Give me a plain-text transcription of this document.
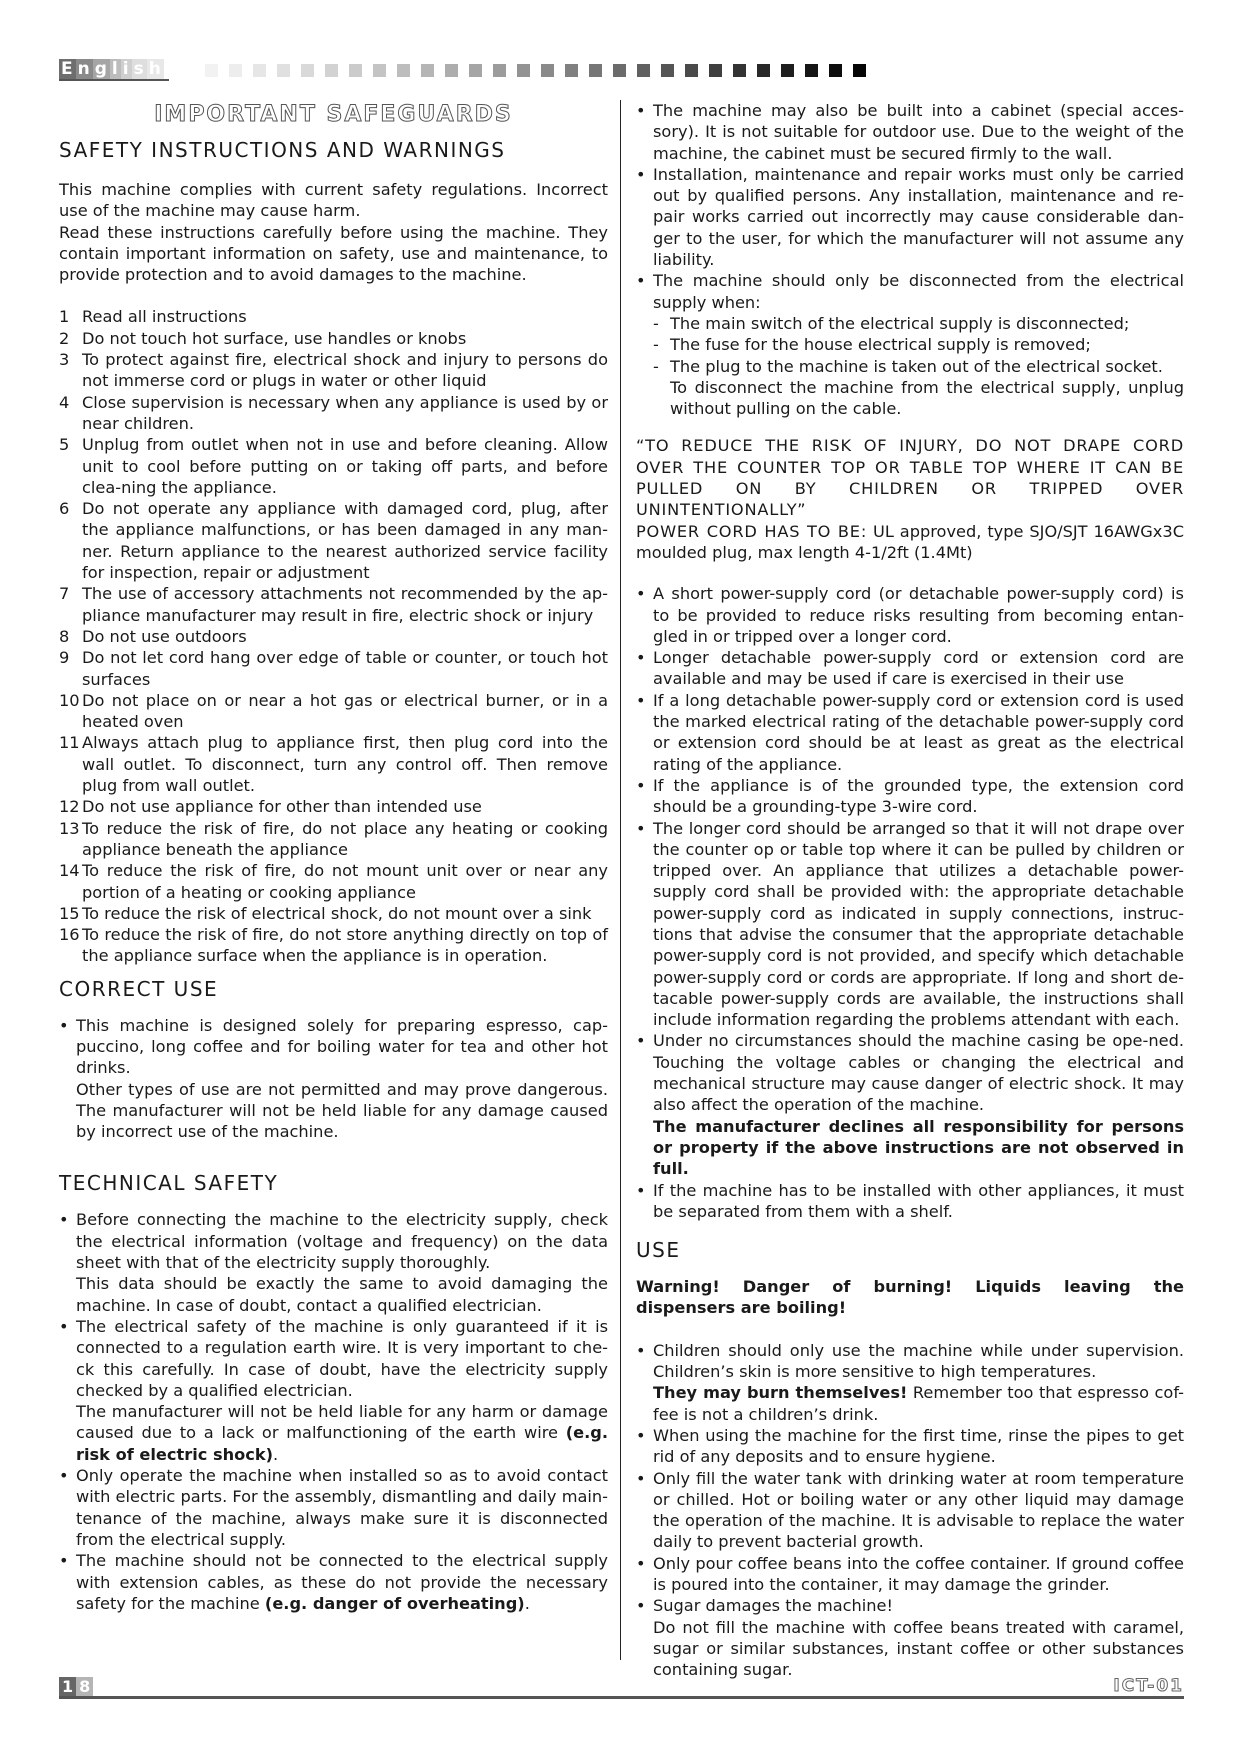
E n g l i s h
IMPORTANT SAFEGUARDS
SAFETY INSTRUCTIONS AND WARNINGS

This machine complies with current safety regulations. Incorrect use of the machine may cause harm.

Read these instructions carefully before using the machine. They contain important information on safety, use and maintenance, to provide protection and to avoid damages to the machine.

1 Read all instructions
2 Do not touch hot surface, use handles or knobs
3 To protect against fire, electrical shock and injury to persons do not immerse cord or plugs in water or other liquid
4 Close supervision is necessary when any appliance is used by or near children.
5 Unplug from outlet when not in use and before cleaning. Allow unit to cool before putting on or taking off parts, and before clea-ning the appliance.
6 Do not operate any appliance with damaged cord, plug, after the appliance malfunctions, or has been damaged in any man-ner. Return appliance to the nearest authorized service facility for inspection, repair or adjustment
7 The use of accessory attachments not recommended by the ap-pliance manufacturer may result in fire, electric shock or injury
8 Do not use outdoors
9 Do not let cord hang over edge of table or counter, or touch hot surfaces
10 Do not place on or near a hot gas or electrical burner, or in a heated oven
11 Always attach plug to appliance first, then plug cord into the wall outlet. To disconnect, turn any control off. Then remove plug from wall outlet.
12 Do not use appliance for other than intended use
13 To reduce the risk of fire, do not place any heating or cooking appliance beneath the appliance
14 To reduce the risk of fire, do not mount unit over or near any portion of a heating or cooking appliance
15 To reduce the risk of electrical shock, do not mount over a sink
16 To reduce the risk of fire, do not store anything directly on top of the appliance surface when the appliance is in operation.
CORRECT USE
• This machine is designed solely for preparing espresso, cap-puccino, long coffee and for boiling water for tea and other hot drinks.

Other types of use are not permitted and may prove dangerous. The manufacturer will not be held liable for any damage caused by incorrect use of the machine.

TECHNICAL SAFETY
• Before connecting the machine to the electricity supply, check the electrical information (voltage and frequency) on the data sheet with that of the electricity supply thoroughly.

This data should be exactly the same to avoid damaging the machine. In case of doubt, contact a qualified electrician.

• The electrical safety of the machine is only guaranteed if it is connected to a regulation earth wire. It is very important to che-ck this carefully. In case of doubt, have the electricity supply checked by a qualified electrician.

The manufacturer will not be held liable for any harm or damage caused due to a lack or malfunctioning of the earth wire (e.g. risk of electric shock).

• Only operate the machine when installed so as to avoid contact with electric parts. For the assembly, dismantling and daily main-tenance of the machine, always make sure it is disconnected from the electrical supply.
• The machine should not be connected to the electrical supply with extension cables, as these do not provide the necessary safety for the machine (e.g. danger of overheating).
• The machine may also be built into a cabinet (special acces-sory). It is not suitable for outdoor use. Due to the weight of the machine, the cabinet must be secured firmly to the wall.
• Installation, maintenance and repair works must only be carried out by qualified persons. Any installation, maintenance and re-pair works carried out incorrectly may cause considerable dan-ger to the user, for which the manufacturer will not assume any liability.
• The machine should only be disconnected from the electrical supply when:
- The main switch of the electrical supply is disconnected;
- The fuse for the house electrical supply is removed;
- The plug to the machine is taken out of the electrical socket.

To disconnect the machine from the electrical supply, unplug without pulling on the cable.

“TO REDUCE THE RISK OF INJURY, DO NOT DRAPE CORD OVER THE COUNTER TOP OR TABLE TOP WHERE IT CAN BE PULLED ON BY CHILDREN OR TRIPPED OVER UNINTENTIONALLY”

POWER CORD HAS TO BE: UL approved, type SJO/SJT 16AWGx3C moulded plug, max length 4-1/2ft (1.4Mt)

• A short power-supply cord (or detachable power-supply cord) is to be provided to reduce risks resulting from becoming entan-gled in or tripped over a longer cord.
• Longer detachable power-supply cord or extension cord are available and may be used if care is exercised in their use
• If a long detachable power-supply cord or extension cord is used the marked electrical rating of the detachable power-supply cord or extension cord should be at least as great as the electrical rating of the appliance.
• If the appliance is of the grounded type, the extension cord should be a grounding-type 3-wire cord.
• The longer cord should be arranged so that it will not drape over the counter op or table top where it can be pulled by children or tripped over. An appliance that utilizes a detachable power-supply cord shall be provided with: the appropriate detachable power-supply cord as indicated in supply connections, instruc-tions that advise the consumer that the appropriate detachable power-supply cord is not provided, and specify which detachable power-supply cord or cords are appropriate. If long and short de-tacable power-supply cords are available, the instructions shall include information regarding the problems attendant with each.
• Under no circumstances should the machine casing be ope-ned. Touching the voltage cables or changing the electrical and mechanical structure may cause danger of electric shock. It may also affect the operation of the machine.

The manufacturer declines all responsibility for persons or property if the above instructions are not observed in full.

• If the machine has to be installed with other appliances, it must be separated from them with a shelf.
USE

Warning! Danger of burning! Liquids leaving the dispensers are boiling!

• Children should only use the machine while under supervision. Children’s skin is more sensitive to high temperatures.

They may burn themselves! Remember too that espresso cof-fee is not a children’s drink.

• When using the machine for the first time, rinse the pipes to get rid of any deposits and to ensure hygiene.
• Only fill the water tank with drinking water at room temperature or chilled. Hot or boiling water or any other liquid may damage the operation of the machine. It is advisable to replace the water daily to prevent bacterial growth.
• Only pour coffee beans into the coffee container. If ground coffee is poured into the container, it may damage the grinder.
• Sugar damages the machine!

Do not fill the machine with coffee beans treated with caramel, sugar or similar substances, instant coffee or other substances containing sugar.

1 8	ICT-01
